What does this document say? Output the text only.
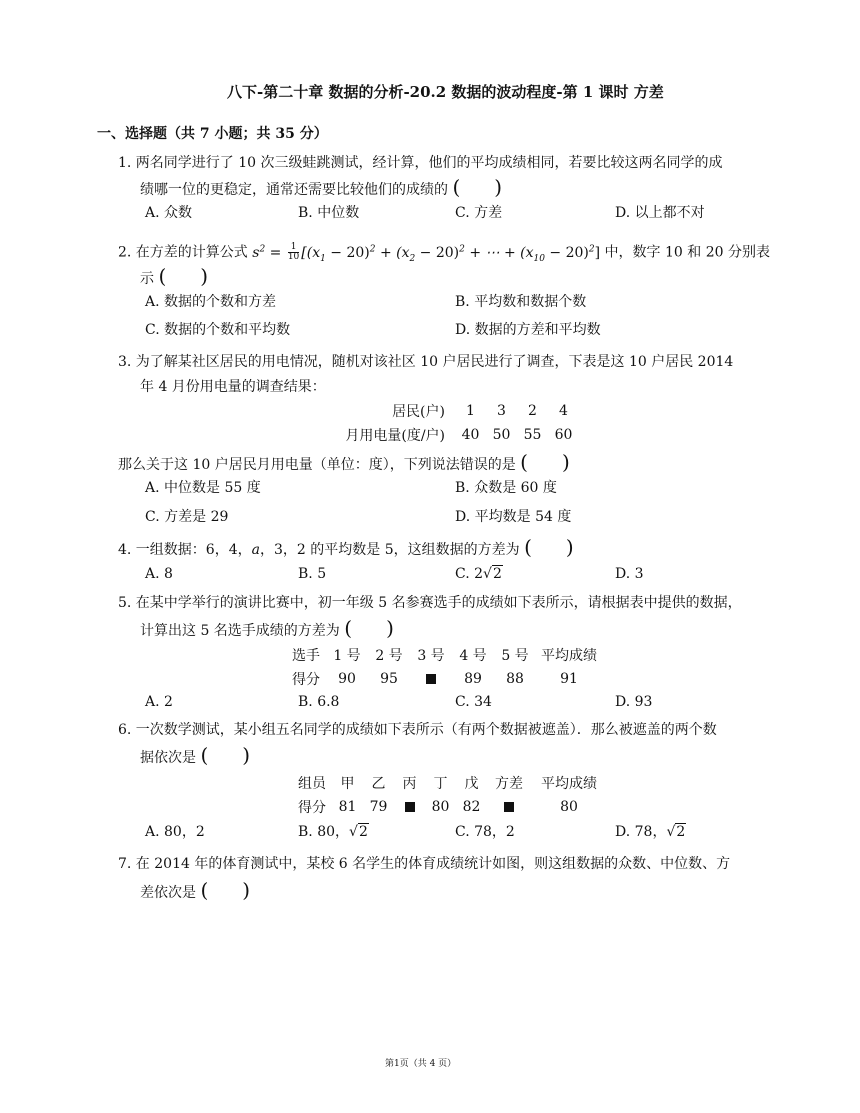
八下-第二十章 数据的分析-20.2 数据的波动程度-第 1 课时 方差
一、选择题（共 7 小题；共 35 分）
1. 两名同学进行了 10 次三级蛙跳测试，经计算，他们的平均成绩相同，若要比较这两名同学的成
绩哪一位的更稳定，通常还需要比较他们的成绩的 ( )
A. 众数	B. 中位数	C. 方差	D. 以上都不对
2. 在方差的计算公式 $s^2 = \frac{1}{10} [(x_1 - 20)^2 + (x_2 - 20)^2$ + ⋯ + $(x_{10} - 20)^2$] 中，数字 10 和 20 分别表
示 ( )
A. 数据的个数和方差	B. 平均数和数据个数
C. 数据的个数和平均数	D. 数据的方差和平均数
3. 为了解某社区居民的用电情况，随机对该社区 10 户居民进行了调查，下表是这 10 户居民 2014
年 4 月份用电量的调查结果：
居民(户)	1	3	2	4
月用电量(度/户)	40	50	55	60
那么关于这 10 户居民月用电量（单位：度），下列说法错误的是 ( )
A. 中位数是 55 度	B. 众数是 60 度
C. 方差是 29	D. 平均数是 54 度
4. 一组数据：6，4，a，3，2 的平均数是 5，这组数据的方差为 ( )
A. 8	B. 5	C. 2√2	D. 3
5. 在某中学举行的演讲比赛中，初一年级 5 名参赛选手的成绩如下表所示，请根据表中提供的数据，
计算出这 5 名选手成绩的方差为 ( )
选手	1 号	2 号	3 号	4 号	5 号	平均成绩
得分	90	95		89	88	91
A. 2	B. 6.8	C. 34	D. 93
6. 一次数学测试，某小组五名同学的成绩如下表所示（有两个数据被遮盖）．那么被遮盖的两个数
据依次是 ( )
组员	甲	乙	丙	丁	戊	方差	平均成绩
得分	81	79		80	82		80
A. 80，2	B. 80，√2	C. 78，2	D. 78，√2
7. 在 2014 年的体育测试中，某校 6 名学生的体育成绩统计如图，则这组数据的众数、中位数、方
差依次是 ( )
第1页（共 4 页）
